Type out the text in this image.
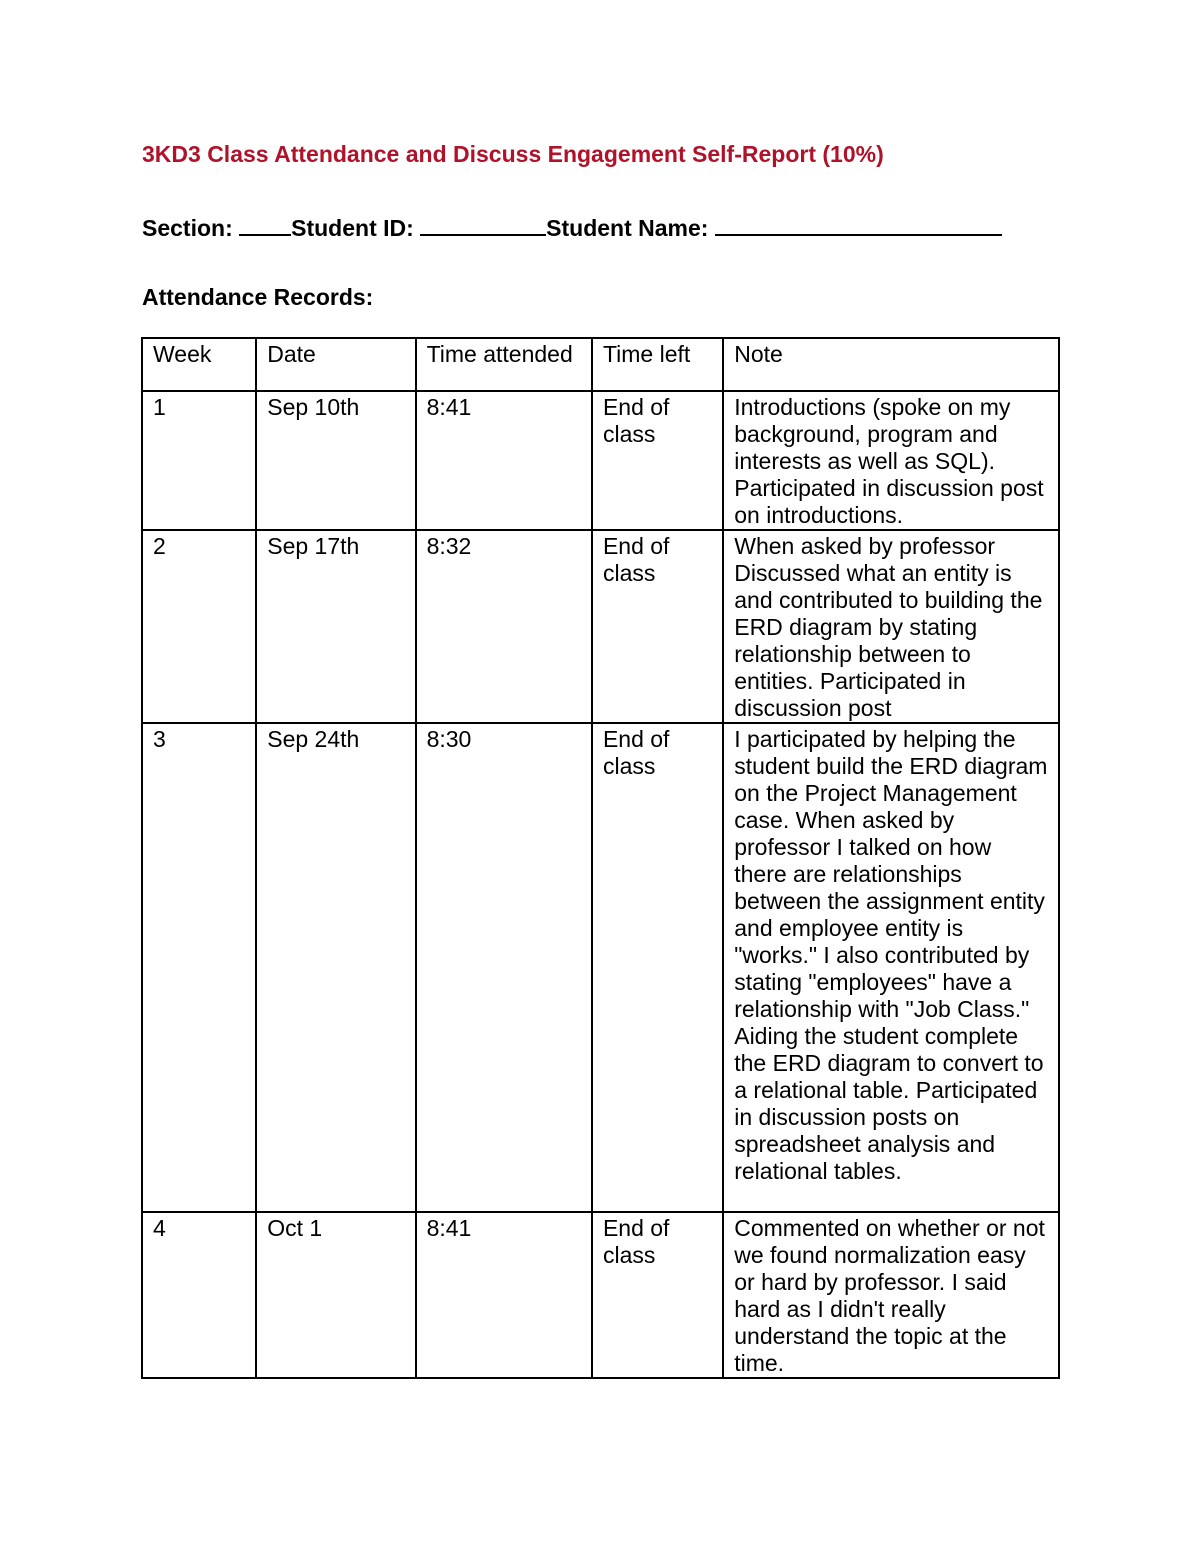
3KD3 Class Attendance and Discuss Engagement Self-Report (10%)
Section:	Student ID:	Student Name:
Attendance Records:
Week	Date	Time attended	Time left	Note
1	Sep 10th	8:41	End of class	Introductions (spoke on my background, program and interests as well as SQL). Participated in discussion post on introductions.
2	Sep 17th	8:32	End of class	When asked by professor Discussed what an entity is and contributed to building the ERD diagram by stating relationship between to entities. Participated in discussion post
3	Sep 24th	8:30	End of class	I participated by helping the student build the ERD diagram on the Project Management case. When asked by professor I talked on how there are relationships between the assignment entity and employee entity is "works." I also contributed by stating "employees" have a relationship with "Job Class." Aiding the student complete the ERD diagram to convert to a relational table. Participated in discussion posts on spreadsheet analysis and relational tables.
4	Oct 1	8:41	End of class	Commented on whether or not we found normalization easy or hard by professor. I said hard as I didn't really understand the topic at the time.
